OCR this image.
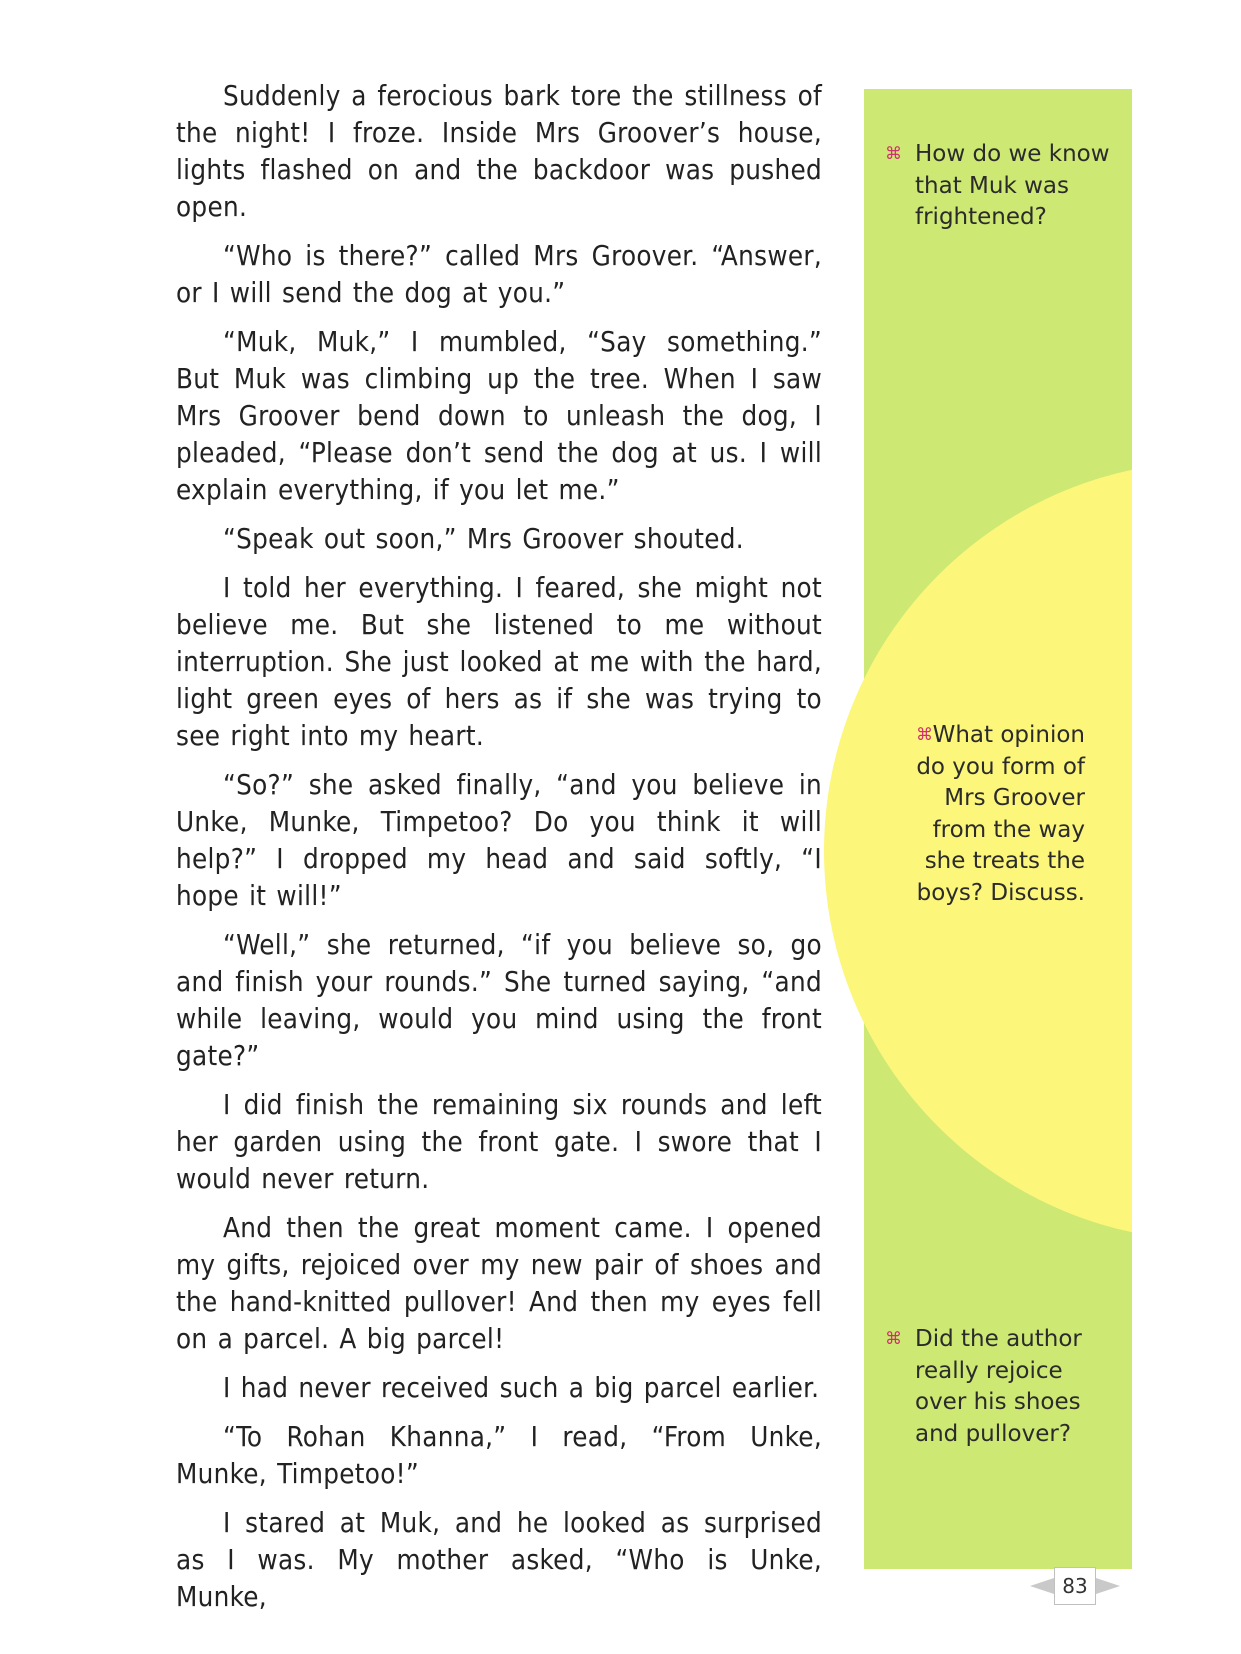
Suddenly a ferocious bark tore the stillness of the night! I froze. Inside Mrs Groover’s house, lights flashed on and the backdoor was pushed open.

“Who is there?” called Mrs Groover. “Answer, or I will send the dog at you.”

“Muk, Muk,” I mumbled, “Say something.” But Muk was climbing up the tree. When I saw Mrs Groover bend down to unleash the dog, I pleaded, “Please don’t send the dog at us. I will explain everything, if you let me.”

“Speak out soon,” Mrs Groover shouted.

I told her everything. I feared, she might not believe me. But she listened to me without interruption. She just looked at me with the hard, light green eyes of hers as if she was trying to see right into my heart.

“So?” she asked finally, “and you believe in Unke, Munke, Timpetoo? Do you think it will help?” I dropped my head and said softly, “I hope it will!”

“Well,” she returned, “if you believe so, go and finish your rounds.” She turned saying, “and while leaving, would you mind using the front gate?”

I did finish the remaining six rounds and left her garden using the front gate. I swore that I would never return.

And then the great moment came. I opened my gifts, rejoiced over my new pair of shoes and the hand-knitted pullover! And then my eyes fell on a parcel. A big parcel!

I had never received such a big parcel earlier.

“To Rohan Khanna,” I read, “From Unke, Munke, Timpetoo!”

I stared at Muk, and he looked as surprised as I was. My mother asked, “Who is Unke, Munke,

⌘ How do we know that Muk was frightened?
⌘ What opinion do you form of Mrs Groover from the way she treats the boys? Discuss.
⌘ Did the author really rejoice over his shoes and pullover?
83
